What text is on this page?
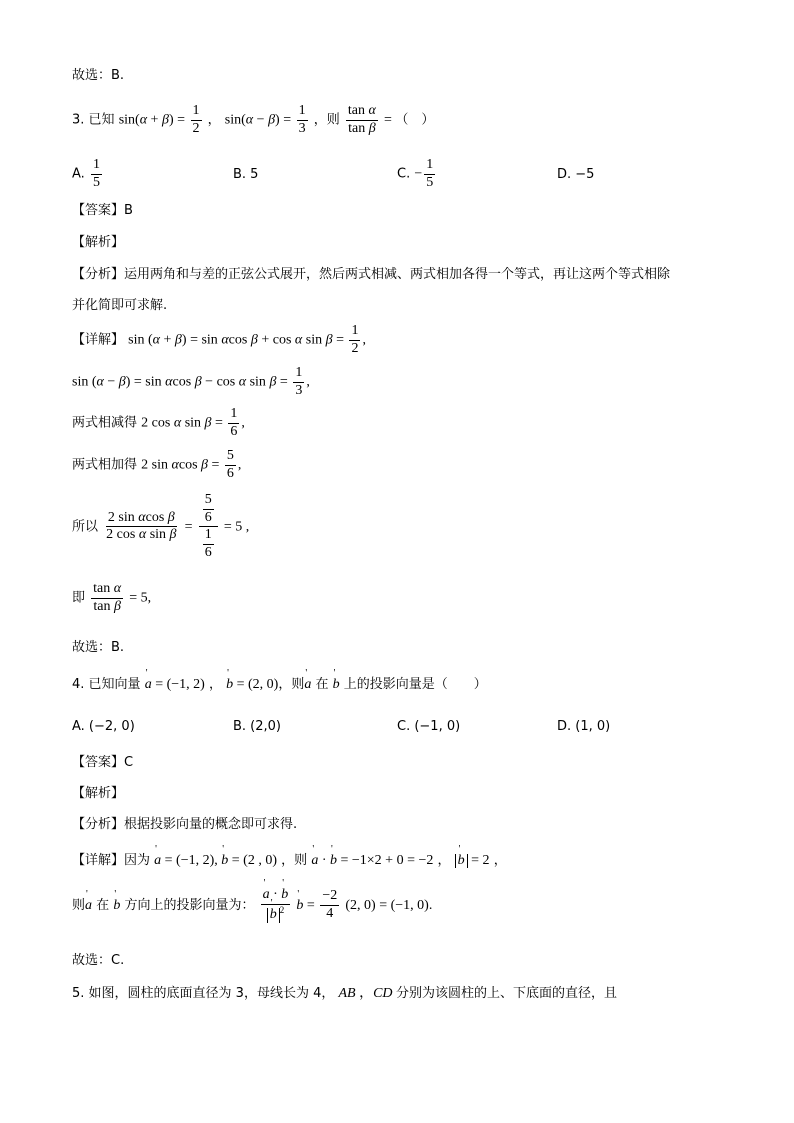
故选：B.
3. 已知 $\sin(\alpha + \beta) = \frac{1}{2}$ ， $\sin(\alpha - \beta) = \frac{1}{3}$ ，则 $\frac{\text{tan α}}{\text{tan β}}$ = （　）
A. $\frac{1}{5}$	B. 5	C. − $\frac{1}{5}$	D. −5
【答案】B
【解析】
【分析】运用两角和与差的正弦公式展开，然后两式相减、两式相加各得一个等式，再让这两个等式相除
并化简即可求解.
【详解】 sin (α + β) = sin αcos β + cos α $\sin \beta = \frac{1}{2}$ ,
sin (α − β) = sin αcos β − cos α $\sin \beta = \frac{1}{3}$ ,
两式相减得 2 cos α $\sin \beta = \frac{1}{6}$ ,
两式相加得 2 sin αcos $\beta = \frac{5}{6}$ ,
所以 $\frac{\text{2 sin αcos β}}{\text{2 cos α sin β}} = \frac{\frac{5}{6}}{\frac{1}{6}} = 5$ ,
即 $\frac{\text{tan α}}{\text{tan β}} = 5$,
故选：B.
4. 已知向量 ' a = (−1, 2) ， ' b = (2, 0)，则' a 在 ' b 上的投影向量是（　　）
A. (−2, 0)	B. (2,0)	C. (−1, 0)	D. (1, 0)
【答案】C
【解析】
【分析】根据投影向量的概念即可求得.
【详解】因为 ' a = (−1, 2), ' b = (2 , 0) ，则 ' a · ' b = −1×2 + 0 = −2 ， ' b = 2 ，
则' a 在 ' b 方向上的投影向量为： ' a · ' b
' b $^2$ ' $b = \frac{-2}{4} (2$, 0) = (−1, 0).
故选：C.
5. 如图，圆柱的底面直径为 3，母线长为 4， AB ，CD 分别为该圆柱的上、下底面的直径，且
